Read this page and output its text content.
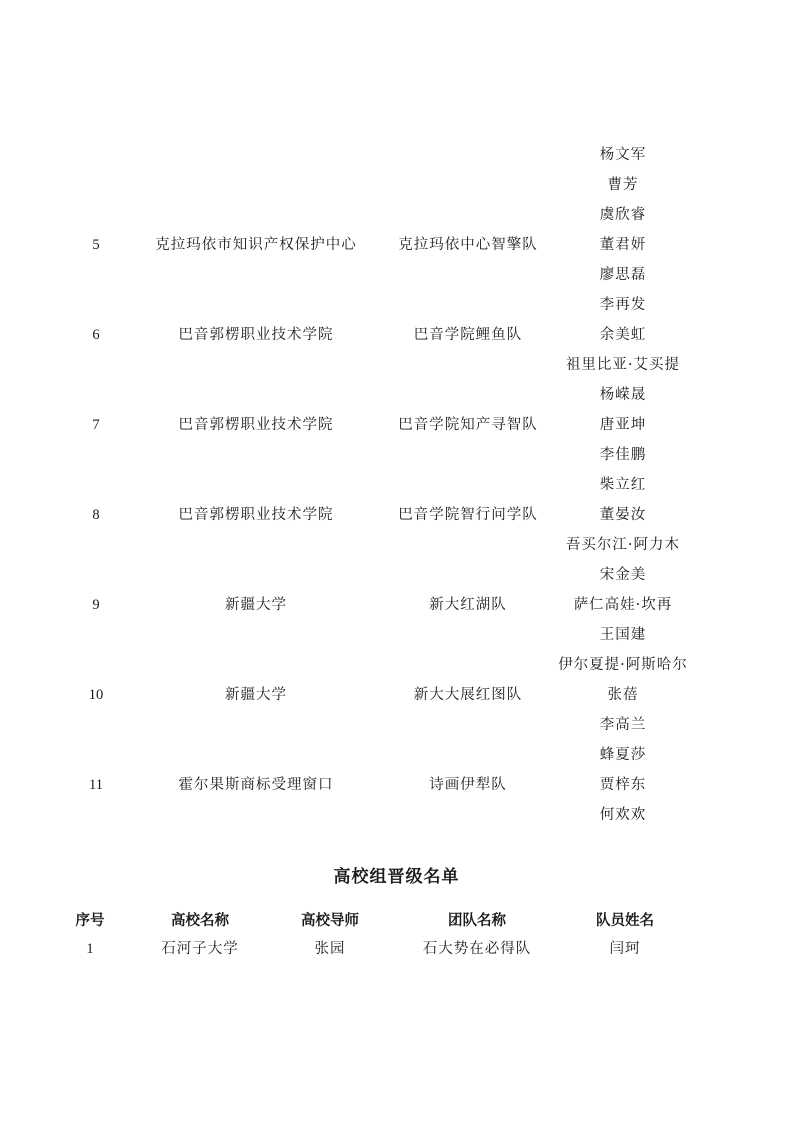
5	克拉玛依市知识产权保护中心	克拉玛依中心智擎队
杨文军
曹芳
虞欣睿
董君妍
廖思磊
6	巴音郭楞职业技术学院	巴音学院鲤鱼队
李再发
余美虹
祖里比亚·艾买提
7	巴音郭楞职业技术学院	巴音学院知产寻智队
杨嵘晟
唐亚坤
李佳鹏
8	巴音郭楞职业技术学院	巴音学院智行问学队
柴立红
董晏汝
吾买尔江·阿力木
9	新疆大学	新大红湖队
宋金美
萨仁高娃·坎再
王国建
10	新疆大学	新大大展红图队
伊尔夏提·阿斯哈尔
张蓓
李高兰
11	霍尔果斯商标受理窗口	诗画伊犁队
蜂夏莎
贾梓东
何欢欢
高校组晋级名单
序号	高校名称	高校导师	团队名称	队员姓名
1	石河子大学	张园	石大势在必得队	闫珂
